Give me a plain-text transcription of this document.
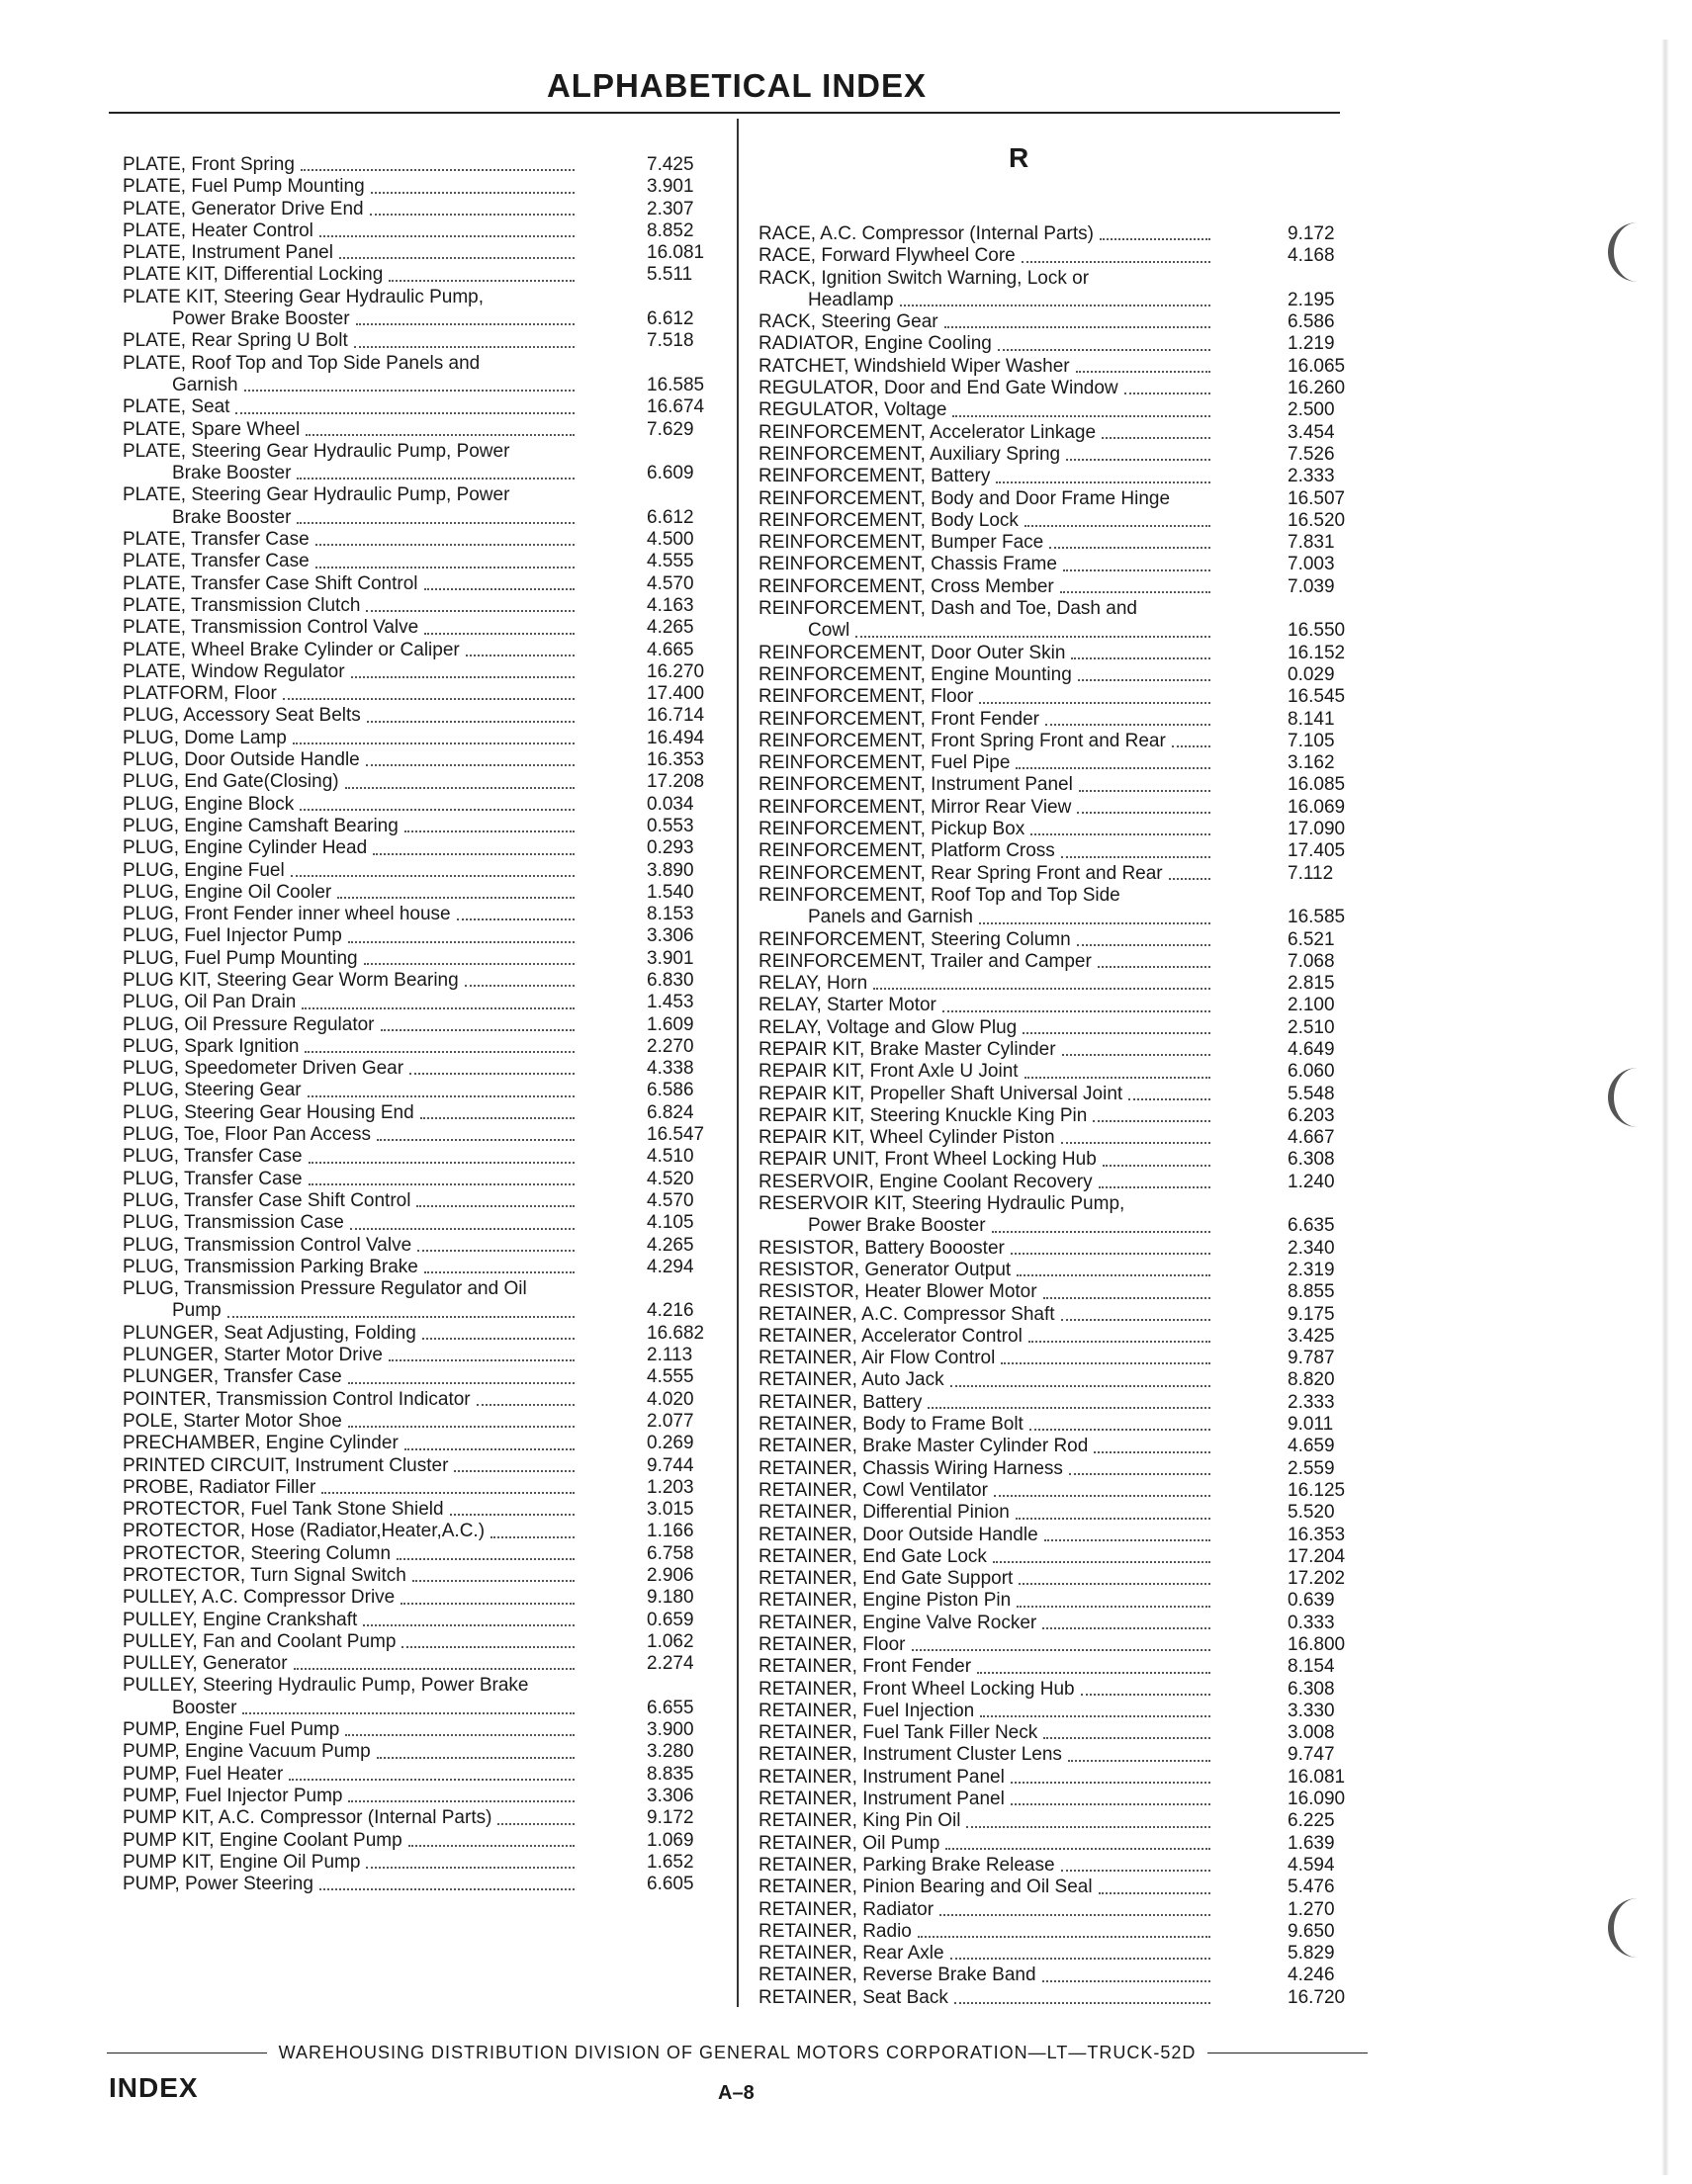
ALPHABETICAL INDEX
PLATE, Front Spring	7.425
PLATE, Fuel Pump Mounting	3.901
PLATE, Generator Drive End	2.307
PLATE, Heater Control	8.852
PLATE, Instrument Panel	16.081
PLATE KIT, Differential Locking	5.511
PLATE KIT, Steering Gear Hydraulic Pump,
Power Brake Booster	6.612
PLATE, Rear Spring U Bolt	7.518
PLATE, Roof Top and Top Side Panels and
Garnish	16.585
PLATE, Seat	16.674
PLATE, Spare Wheel	7.629
PLATE, Steering Gear Hydraulic Pump, Power
Brake Booster	6.609
PLATE, Steering Gear Hydraulic Pump, Power
Brake Booster	6.612
PLATE, Transfer Case	4.500
PLATE, Transfer Case	4.555
PLATE, Transfer Case Shift Control	4.570
PLATE, Transmission Clutch	4.163
PLATE, Transmission Control Valve	4.265
PLATE, Wheel Brake Cylinder or Caliper	4.665
PLATE, Window Regulator	16.270
PLATFORM, Floor	17.400
PLUG, Accessory Seat Belts	16.714
PLUG, Dome Lamp	16.494
PLUG, Door Outside Handle	16.353
PLUG, End Gate(Closing)	17.208
PLUG, Engine Block	0.034
PLUG, Engine Camshaft Bearing	0.553
PLUG, Engine Cylinder Head	0.293
PLUG, Engine Fuel	3.890
PLUG, Engine Oil Cooler	1.540
PLUG, Front Fender inner wheel house	8.153
PLUG, Fuel Injector Pump	3.306
PLUG, Fuel Pump Mounting	3.901
PLUG KIT, Steering Gear Worm Bearing	6.830
PLUG, Oil Pan Drain	1.453
PLUG, Oil Pressure Regulator	1.609
PLUG, Spark Ignition	2.270
PLUG, Speedometer Driven Gear	4.338
PLUG, Steering Gear	6.586
PLUG, Steering Gear Housing End	6.824
PLUG, Toe, Floor Pan Access	16.547
PLUG, Transfer Case	4.510
PLUG, Transfer Case	4.520
PLUG, Transfer Case Shift Control	4.570
PLUG, Transmission Case	4.105
PLUG, Transmission Control Valve	4.265
PLUG, Transmission Parking Brake	4.294
PLUG, Transmission Pressure Regulator and Oil
Pump	4.216
PLUNGER, Seat Adjusting, Folding	16.682
PLUNGER, Starter Motor Drive	2.113
PLUNGER, Transfer Case	4.555
POINTER, Transmission Control Indicator	4.020
POLE, Starter Motor Shoe	2.077
PRECHAMBER, Engine Cylinder	0.269
PRINTED CIRCUIT, Instrument Cluster	9.744
PROBE, Radiator Filler	1.203
PROTECTOR, Fuel Tank Stone Shield	3.015
PROTECTOR, Hose (Radiator,Heater,A.C.)	1.166
PROTECTOR, Steering Column	6.758
PROTECTOR, Turn Signal Switch	2.906
PULLEY, A.C. Compressor Drive	9.180
PULLEY, Engine Crankshaft	0.659
PULLEY, Fan and Coolant Pump	1.062
PULLEY, Generator	2.274
PULLEY, Steering Hydraulic Pump, Power Brake
Booster	6.655
PUMP, Engine Fuel Pump	3.900
PUMP, Engine Vacuum Pump	3.280
PUMP, Fuel Heater	8.835
PUMP, Fuel Injector Pump	3.306
PUMP KIT, A.C. Compressor (Internal Parts)	9.172
PUMP KIT, Engine Coolant Pump	1.069
PUMP KIT, Engine Oil Pump	1.652
PUMP, Power Steering	6.605
R
RACE, A.C. Compressor (Internal Parts)	9.172
RACE, Forward Flywheel Core	4.168
RACK, Ignition Switch Warning, Lock or
Headlamp	2.195
RACK, Steering Gear	6.586
RADIATOR, Engine Cooling	1.219
RATCHET, Windshield Wiper Washer	16.065
REGULATOR, Door and End Gate Window	16.260
REGULATOR, Voltage	2.500
REINFORCEMENT, Accelerator Linkage	3.454
REINFORCEMENT, Auxiliary Spring	7.526
REINFORCEMENT, Battery	2.333
REINFORCEMENT, Body and Door Frame Hinge	16.507
REINFORCEMENT, Body Lock	16.520
REINFORCEMENT, Bumper Face	7.831
REINFORCEMENT, Chassis Frame	7.003
REINFORCEMENT, Cross Member	7.039
REINFORCEMENT, Dash and Toe, Dash and
Cowl	16.550
REINFORCEMENT, Door Outer Skin	16.152
REINFORCEMENT, Engine Mounting	0.029
REINFORCEMENT, Floor	16.545
REINFORCEMENT, Front Fender	8.141
REINFORCEMENT, Front Spring Front and Rear	7.105
REINFORCEMENT, Fuel Pipe	3.162
REINFORCEMENT, Instrument Panel	16.085
REINFORCEMENT, Mirror Rear View	16.069
REINFORCEMENT, Pickup Box	17.090
REINFORCEMENT, Platform Cross	17.405
REINFORCEMENT, Rear Spring Front and Rear	7.112
REINFORCEMENT, Roof Top and Top Side
Panels and Garnish	16.585
REINFORCEMENT, Steering Column	6.521
REINFORCEMENT, Trailer and Camper	7.068
RELAY, Horn	2.815
RELAY, Starter Motor	2.100
RELAY, Voltage and Glow Plug	2.510
REPAIR KIT, Brake Master Cylinder	4.649
REPAIR KIT, Front Axle U Joint	6.060
REPAIR KIT, Propeller Shaft Universal Joint	5.548
REPAIR KIT, Steering Knuckle King Pin	6.203
REPAIR KIT, Wheel Cylinder Piston	4.667
REPAIR UNIT, Front Wheel Locking Hub	6.308
RESERVOIR, Engine Coolant Recovery	1.240
RESERVOIR KIT, Steering Hydraulic Pump,
Power Brake Booster	6.635
RESISTOR, Battery Boooster	2.340
RESISTOR, Generator Output	2.319
RESISTOR, Heater Blower Motor	8.855
RETAINER, A.C. Compressor Shaft	9.175
RETAINER, Accelerator Control	3.425
RETAINER, Air Flow Control	9.787
RETAINER, Auto Jack	8.820
RETAINER, Battery	2.333
RETAINER, Body to Frame Bolt	9.011
RETAINER, Brake Master Cylinder Rod	4.659
RETAINER, Chassis Wiring Harness	2.559
RETAINER, Cowl Ventilator	16.125
RETAINER, Differential Pinion	5.520
RETAINER, Door Outside Handle	16.353
RETAINER, End Gate Lock	17.204
RETAINER, End Gate Support	17.202
RETAINER, Engine Piston Pin	0.639
RETAINER, Engine Valve Rocker	0.333
RETAINER, Floor	16.800
RETAINER, Front Fender	8.154
RETAINER, Front Wheel Locking Hub	6.308
RETAINER, Fuel Injection	3.330
RETAINER, Fuel Tank Filler Neck	3.008
RETAINER, Instrument Cluster Lens	9.747
RETAINER, Instrument Panel	16.081
RETAINER, Instrument Panel	16.090
RETAINER, King Pin Oil	6.225
RETAINER, Oil Pump	1.639
RETAINER, Parking Brake Release	4.594
RETAINER, Pinion Bearing and Oil Seal	5.476
RETAINER, Radiator	1.270
RETAINER, Radio	9.650
RETAINER, Rear Axle	5.829
RETAINER, Reverse Brake Band	4.246
RETAINER, Seat Back	16.720
WAREHOUSING DISTRIBUTION DIVISION OF GENERAL MOTORS CORPORATION—LT—TRUCK-52D
INDEX	A–8
